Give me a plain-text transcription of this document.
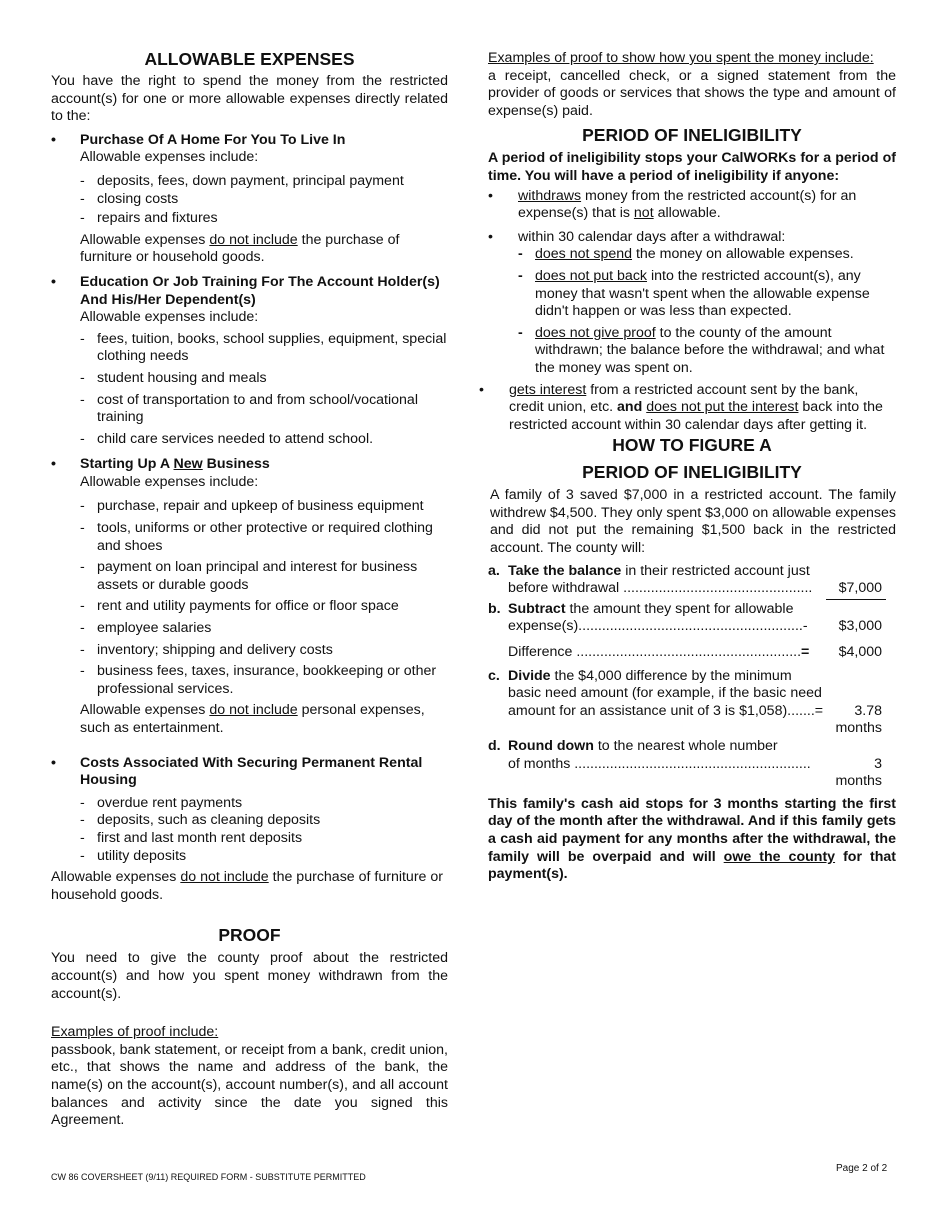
ALLOWABLE EXPENSES
You have the right to spend the money from the restricted account(s) for one or more allowable expenses directly related to the:
• Purchase Of A Home For You To Live In
Allowable expenses include:
- deposits, fees, down payment, principal payment
- closing costs
- repairs and fixtures
Allowable expenses do not include the purchase of furniture or household goods.
• Education Or Job Training For The Account Holder(s) And His/Her Dependent(s)
Allowable expenses include:
- fees, tuition, books, school supplies, equipment, special clothing needs
- student housing and meals
- cost of transportation to and from school/vocational training
- child care services needed to attend school.
• Starting Up A New Business
Allowable expenses include:
- purchase, repair and upkeep of business equipment
- tools, uniforms or other protective or required clothing and shoes
- payment on loan principal and interest for business assets or durable goods
- rent and utility payments for office or floor space
- employee salaries
- inventory; shipping and delivery costs
- business fees, taxes, insurance, bookkeeping or other professional services.
Allowable expenses do not include personal expenses, such as entertainment.
• Costs Associated With Securing Permanent Rental Housing
- overdue rent payments
- deposits, such as cleaning deposits
- first and last month rent deposits
- utility deposits
Allowable expenses do not include the purchase of furniture or household goods.
PROOF
You need to give the county proof about the restricted account(s) and how you spent money withdrawn from the account(s).
Examples of proof include:
passbook, bank statement, or receipt from a bank, credit union, etc., that shows the name and address of the bank, the name(s) on the account(s), account number(s), and all account balances and activity since the date you signed this Agreement.
Examples of proof to show how you spent the money include:
a receipt, cancelled check, or a signed statement from the provider of goods or services that shows the type and amount of expense(s) paid.
PERIOD OF INELIGIBILITY
A period of ineligibility stops your CalWORKs for a period of time. You will have a period of ineligibility if anyone:
• withdraws money from the restricted account(s) for an expense(s) that is not allowable.
• within 30 calendar days after a withdrawal:
- does not spend the money on allowable expenses.
- does not put back into the restricted account(s), any money that wasn't spent when the allowable expense didn't happen or was less than expected.
- does not give proof to the county of the amount withdrawn; the balance before the withdrawal; and what the money was spent on.
• gets interest from a restricted account sent by the bank, credit union, etc. and does not put the interest back into the restricted account within 30 calendar days after getting it.
HOW TO FIGURE A
PERIOD OF INELIGIBILITY
A family of 3 saved $7,000 in a restricted account. The family withdrew $4,500. They only spent $3,000 on allowable expenses and did not put the remaining $1,500 back in the restricted account. The county will:
a. Take the balance in their restricted account just
before withdrawal ................................................ $7,000
b. Subtract the amount they spent for allowable
expense(s).........................................................- $3,000
Difference .........................................................= $4,000
c. Divide the $4,000 difference by the minimum basic need amount (for example, if the basic need
amount for an assistance unit of 3 is $1,058).......= 3.78
months
d. Round down to the nearest whole number
of months ............................................................	3
months
This family's cash aid stops for 3 months starting the first day of the month after the withdrawal. And if this family gets a cash aid payment for any months after the withdrawal, the family will be overpaid and will owe the county for that payment(s).
CW 86 COVERSHEET (9/11) REQUIRED FORM - SUBSTITUTE PERMITTED
Page 2 of 2
